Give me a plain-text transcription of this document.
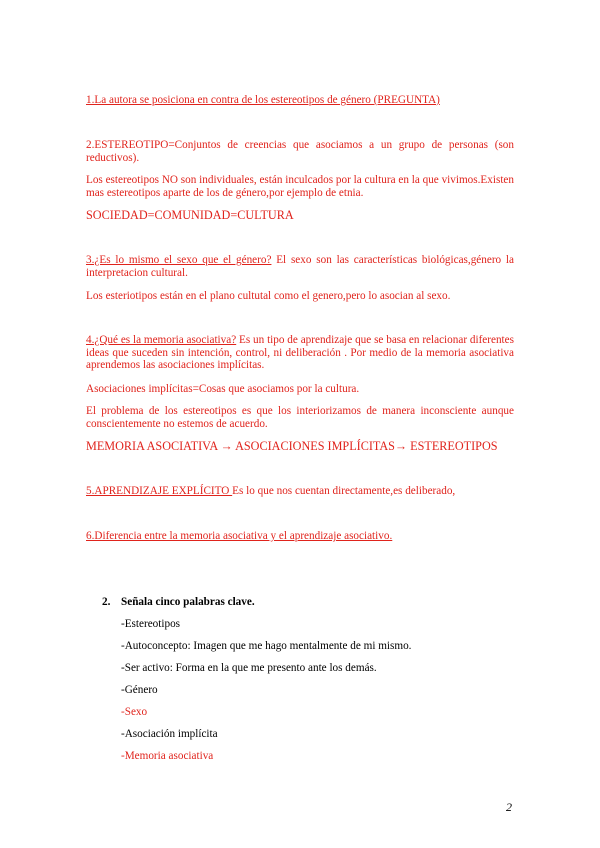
1.La autora se posiciona en contra de los estereotipos de género (PREGUNTA)

2.ESTEREOTIPO=Conjuntos de creencias que asociamos a un grupo de personas (son reductivos).

Los estereotipos NO son individuales, están inculcados por la cultura en la que vivimos.Existen mas estereotipos aparte de los de género,por ejemplo de etnia.

SOCIEDAD=COMUNIDAD=CULTURA

3.¿Es lo mismo el sexo que el género? El sexo son las características biológicas,género la interpretacion cultural.

Los esteriotipos están en el plano cultutal como el genero,pero lo asocian al sexo.

4.¿Qué es la memoria asociativa? Es un tipo de aprendizaje que se basa en relacionar diferentes ideas que suceden sin intención, control, ni deliberación . Por medio de la memoria asociativa aprendemos las asociaciones implícitas.

Asociaciones implícitas=Cosas que asociamos por la cultura.

El problema de los estereotipos es que los interiorizamos de manera inconsciente aunque conscientemente no estemos de acuerdo.

MEMORIA ASOCIATIVA → ASOCIACIONES IMPLÍCITAS→ ESTEREOTIPOS

5.APRENDIZAJE EXPLÍCITO Es lo que nos cuentan directamente,es deliberado,

6.Diferencia entre la memoria asociativa y el aprendizaje asociativo.

2. Señala cinco palabras clave.

-Estereotipos

-Autoconcepto: Imagen que me hago mentalmente de mi mismo.

-Ser activo: Forma en la que me presento ante los demás.

-Género

-Sexo

-Asociación implícita

-Memoria asociativa

2
